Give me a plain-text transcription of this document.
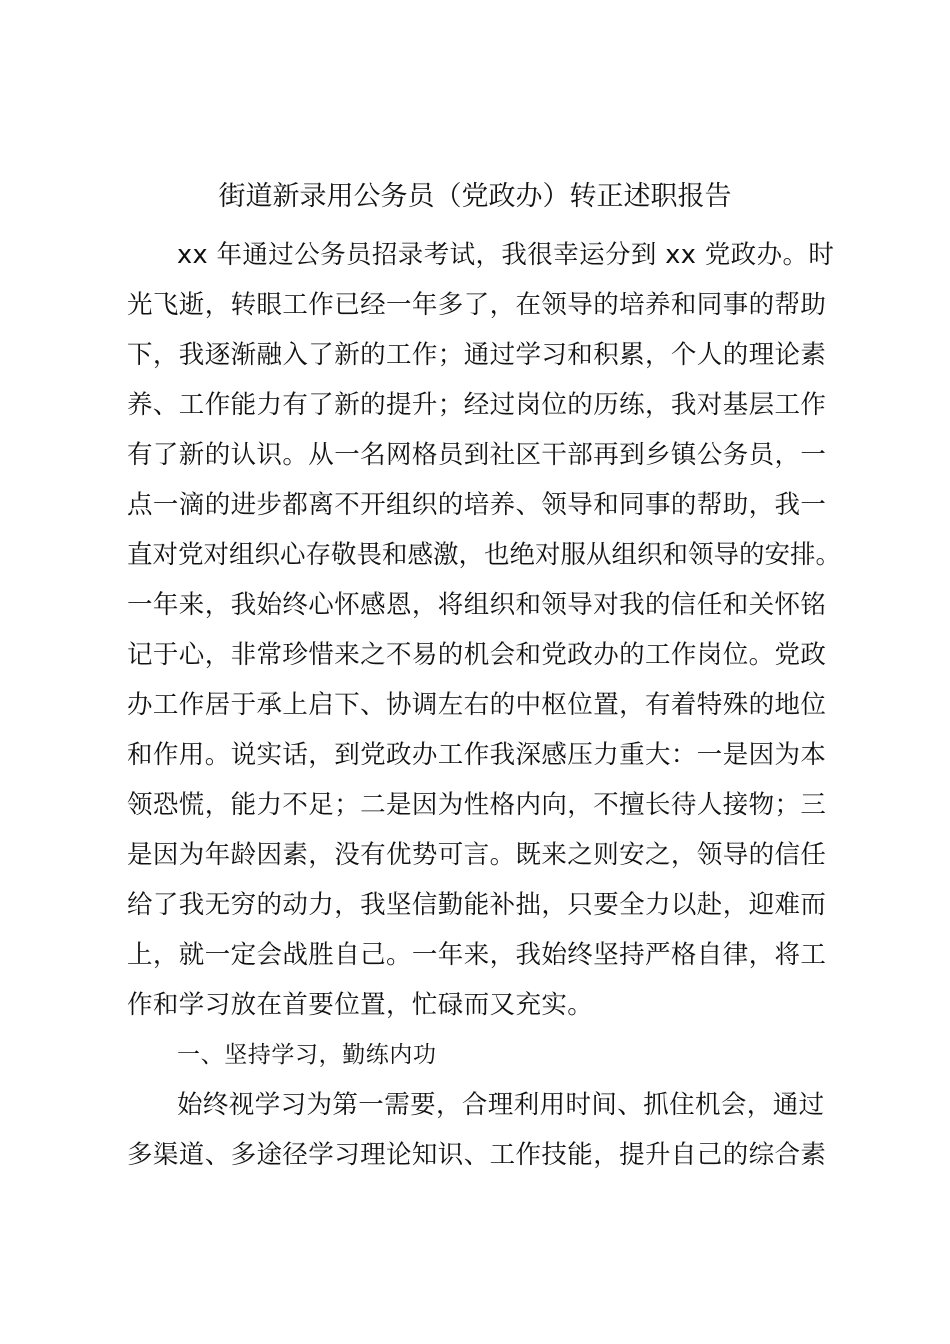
街道新录用公务员（党政办）转正述职报告
xx 年通过公务员招录考试，我很幸运分到 xx 党政办。时
光飞逝，转眼工作已经一年多了，在领导的培养和同事的帮助
下，我逐渐融入了新的工作；通过学习和积累，个人的理论素
养、工作能力有了新的提升；经过岗位的历练，我对基层工作
有了新的认识。从一名网格员到社区干部再到乡镇公务员，一
点一滴的进步都离不开组织的培养、领导和同事的帮助，我一
直对党对组织心存敬畏和感激，也绝对服从组织和领导的安排。
一年来，我始终心怀感恩，将组织和领导对我的信任和关怀铭
记于心，非常珍惜来之不易的机会和党政办的工作岗位。党政
办工作居于承上启下、协调左右的中枢位置，有着特殊的地位
和作用。说实话，到党政办工作我深感压力重大：一是因为本
领恐慌，能力不足；二是因为性格内向，不擅长待人接物；三
是因为年龄因素，没有优势可言。既来之则安之，领导的信任
给了我无穷的动力，我坚信勤能补拙，只要全力以赴，迎难而
上，就一定会战胜自己。一年来，我始终坚持严格自律，将工
作和学习放在首要位置，忙碌而又充实。
一、坚持学习，勤练内功
始终视学习为第一需要，合理利用时间、抓住机会，通过
多渠道、多途径学习理论知识、工作技能，提升自己的综合素
